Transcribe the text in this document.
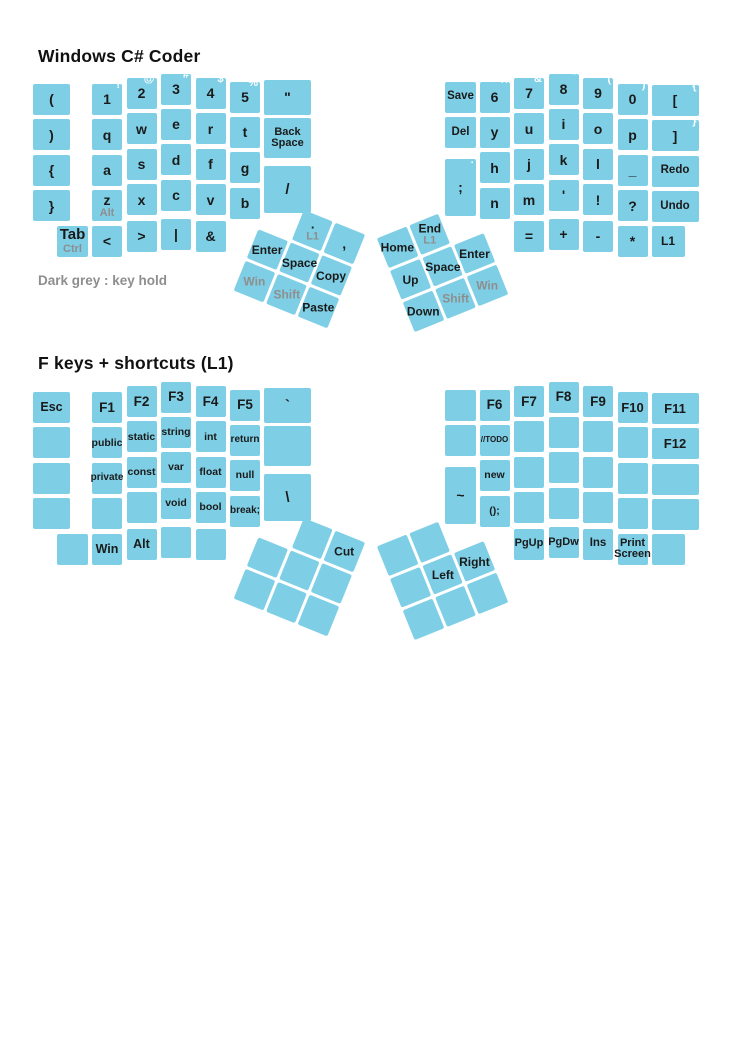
Windows C# Coder
Dark grey : key hold
F keys + shortcuts (L1)
(
)
{
}
!
1
q
a
z
Alt
@
2
w
s
x
#
3
e
d
c
$
4
r
f
v
%
5
t
g
b
"
Back
Space
/
Tab
Ctrl < > | &
Save
Del
:
;
^
6
y
h
n
&
7
u
j
m
*
8
i
k
'
(
9
o
l
!
)
0
p
_
?
{
[
}
]
Redo
Undo
= + - * L1
.
L1 ,
Enter
Space
Copy
Win
Shift
Paste
Home
End
L1
Up
Space
Enter
Down
Shift
Win
Esc	F1
public
private
F2
static
const
F3
string
var
void
F4
int
float
bool
F5
return
null
break;
`
\
Win Alt
~
F6
//TODO
new
();
F7 F8 F9 F10 F11
F12
PgUp PgDw Ins	Print
Screen
Cut
Left
Right
